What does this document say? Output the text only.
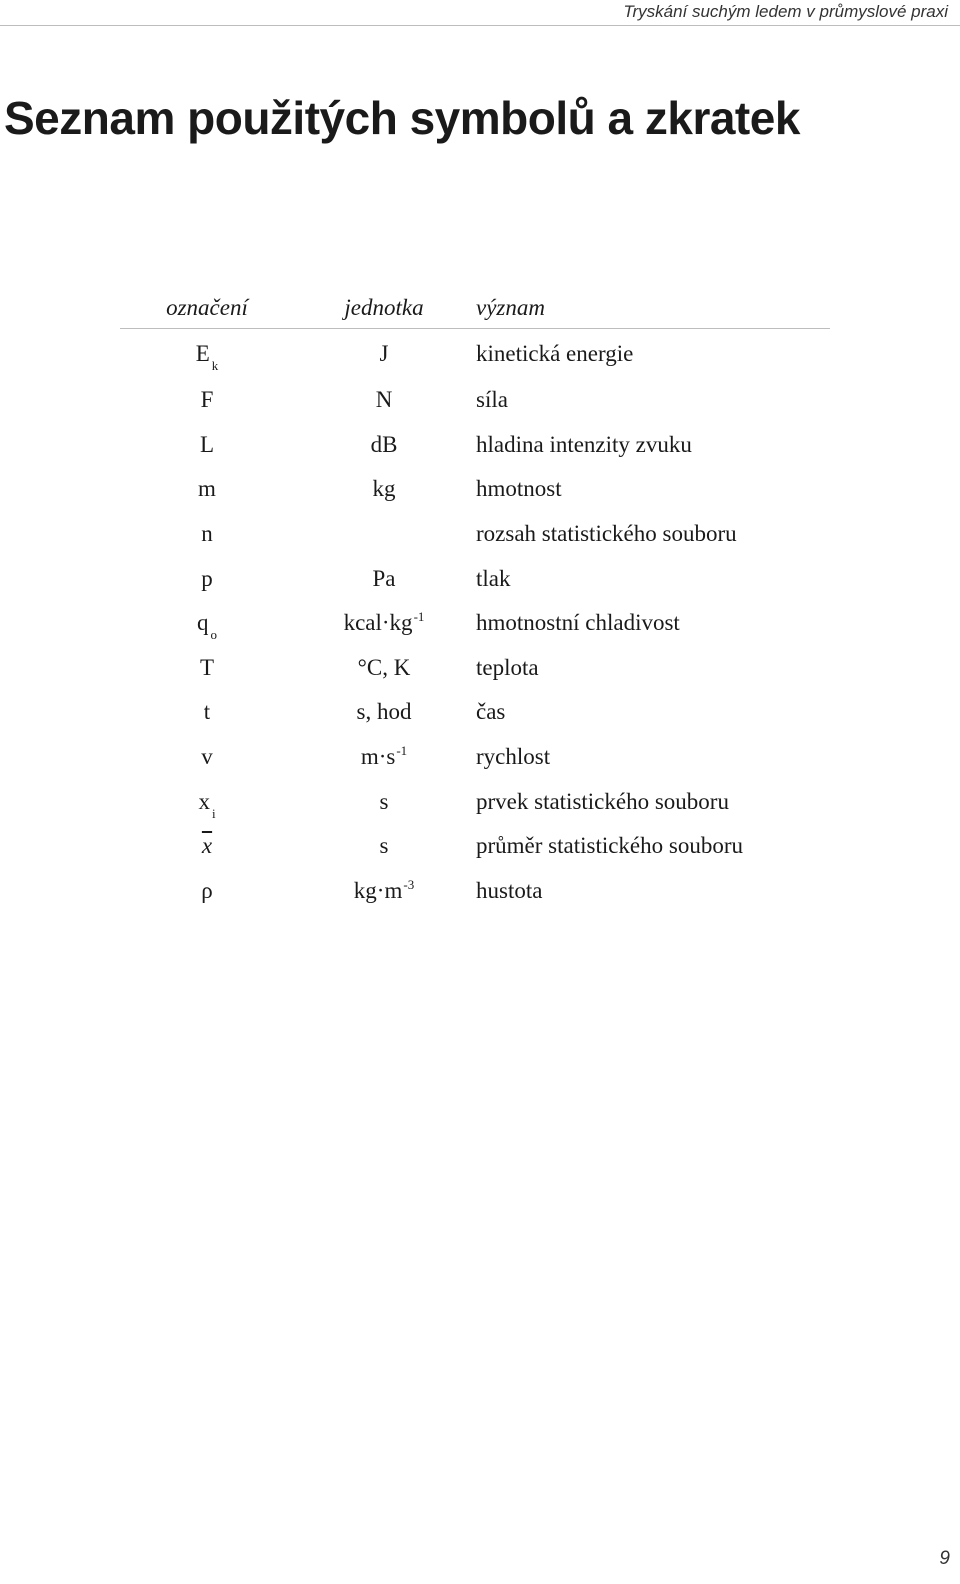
Tryskání suchým ledem v průmyslové praxi
Seznam použitých symbolů a zkratek
označení	jednotka	význam
E $_k$	J	kinetická energie
F	N	síla
L	dB	hladina intenzity zvuku
m	kg	hmotnost
n		rozsah statistického souboru
p	Pa	tlak
q $_o$	$kcal\cdot kg^{-1}$	hmotnostní chladivost
T	°C, K	teplota
t	s, hod	čas
v	$m\cdot s^{-1}$	rychlost
x $_i$	s	prvek statistického souboru
$\overline{x}$	s	průměr statistického souboru
ρ	$kg\cdot m^{-3}$	hustota
9
